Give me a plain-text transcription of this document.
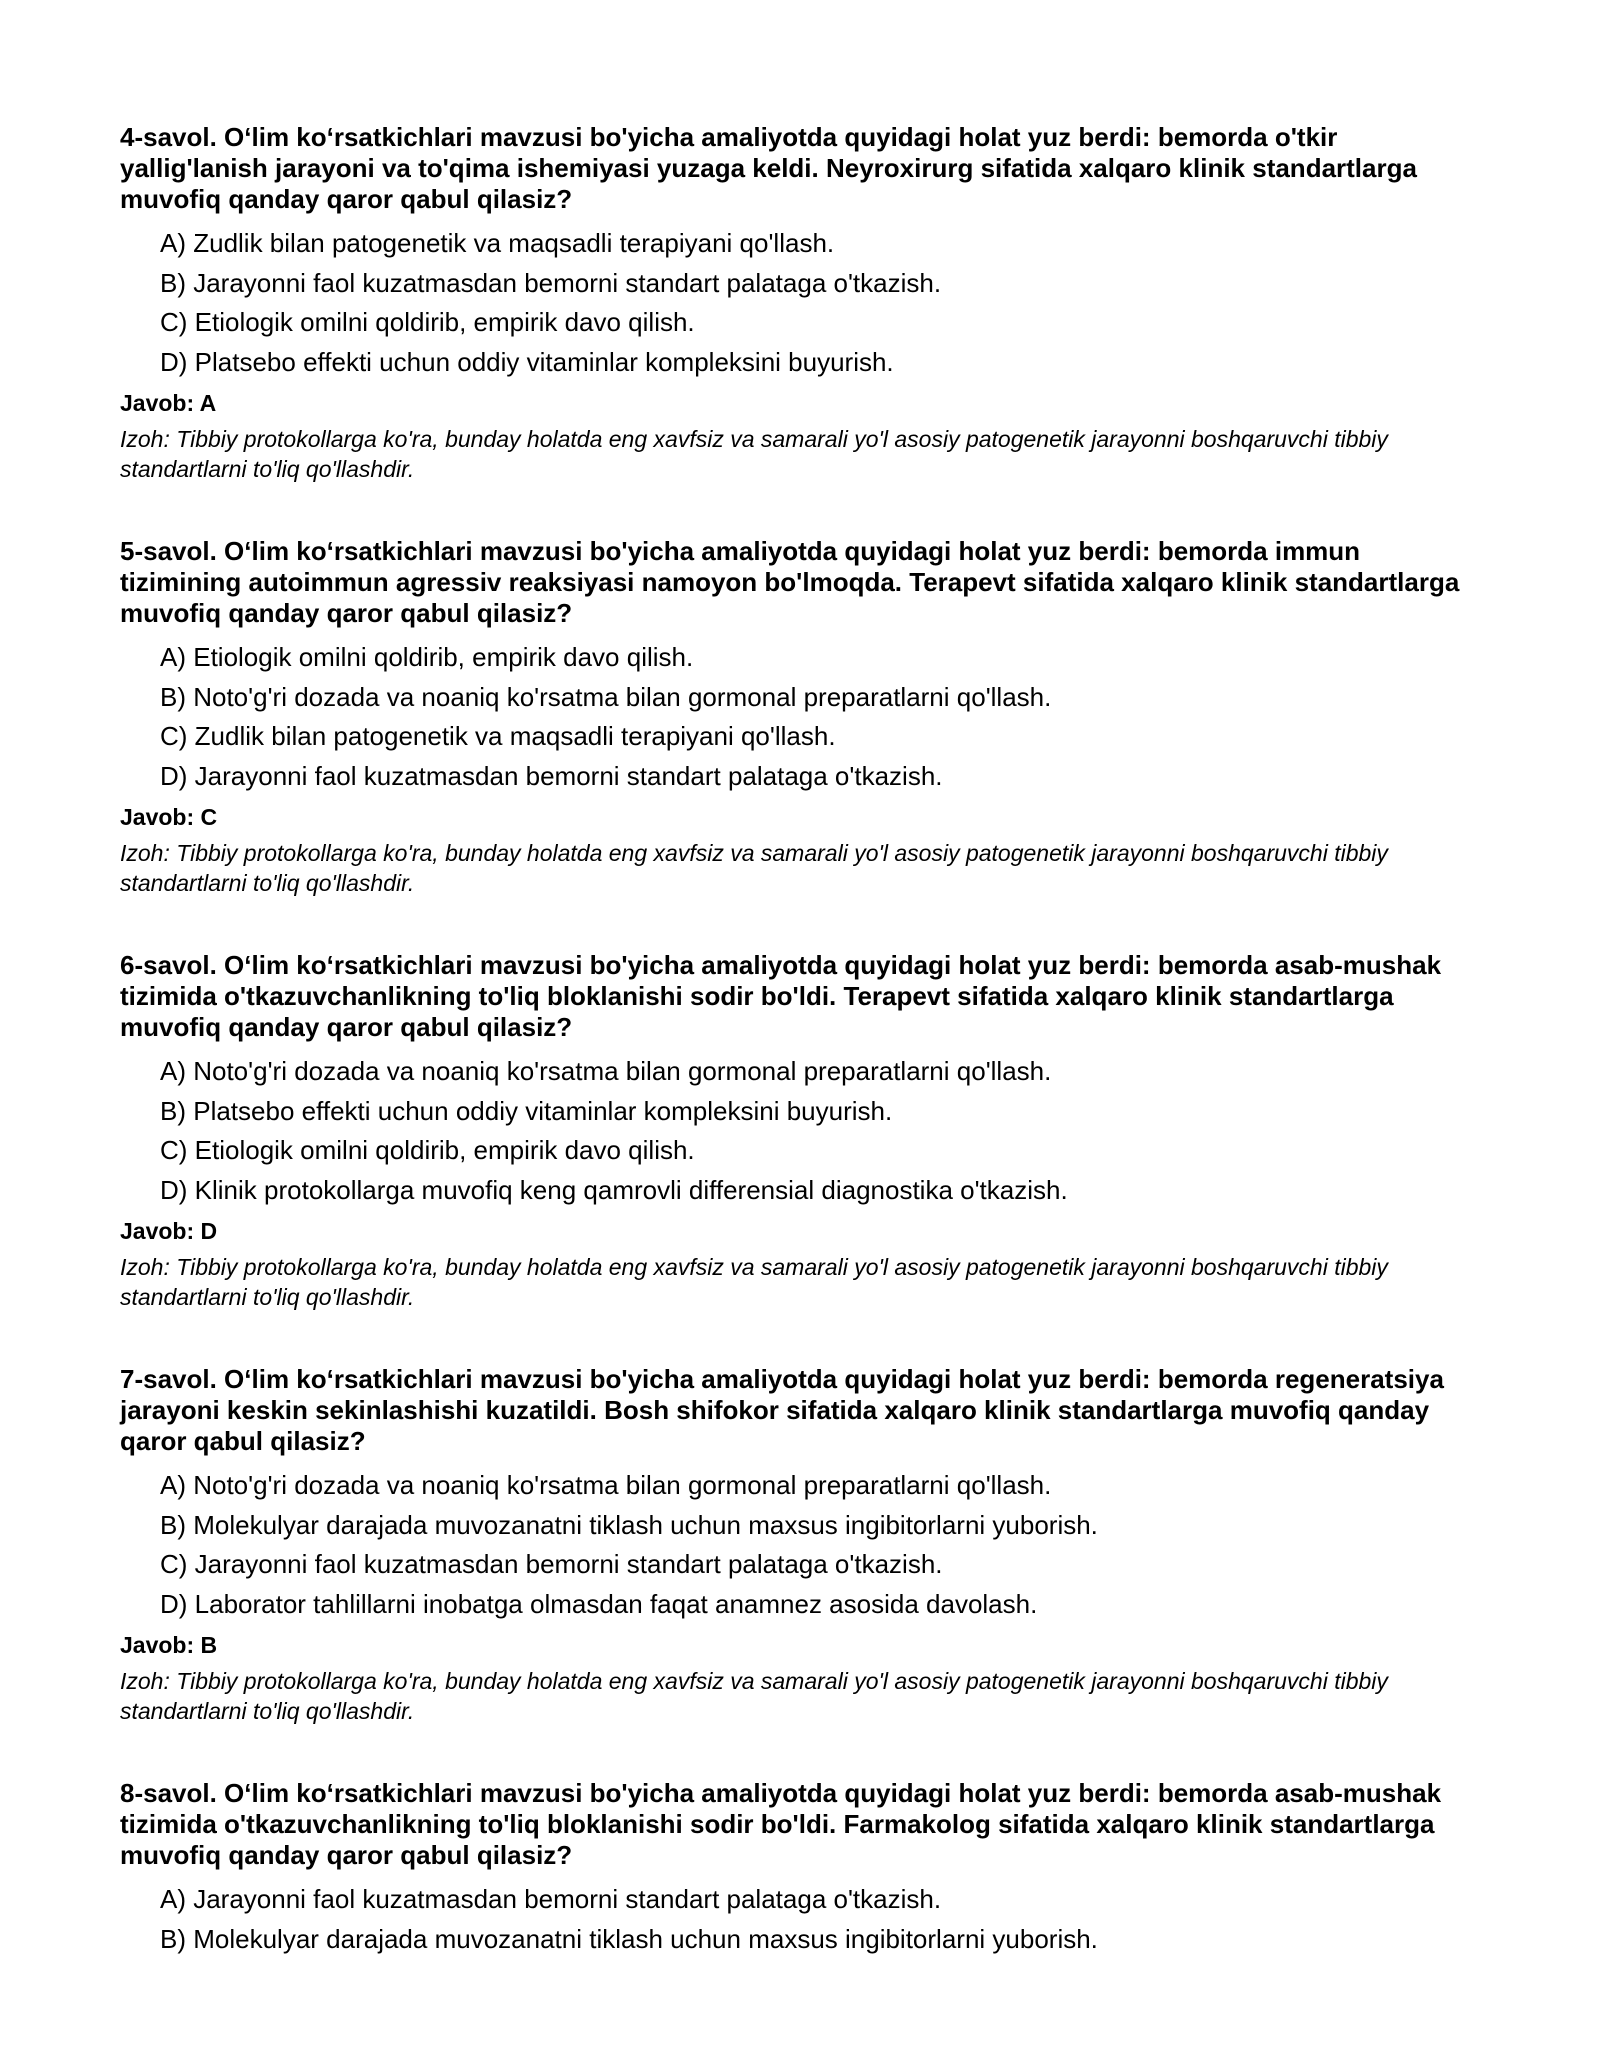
4-savol. O‘lim ko‘rsatkichlari mavzusi bo'yicha amaliyotda quyidagi holat yuz berdi: bemorda o'tkir yallig'lanish jarayoni va to'qima ishemiyasi yuzaga keldi. Neyroxirurg sifatida xalqaro klinik standartlarga muvofiq qanday qaror qabul qilasiz?

A) Zudlik bilan patogenetik va maqsadli terapiyani qo'llash.
B) Jarayonni faol kuzatmasdan bemorni standart palataga o'tkazish.
C) Etiologik omilni qoldirib, empirik davo qilish.
D) Platsebo effekti uchun oddiy vitaminlar kompleksini buyurish.

Javob: A

Izoh: Tibbiy protokollarga ko'ra, bunday holatda eng xavfsiz va samarali yo'l asosiy patogenetik jarayonni boshqaruvchi tibbiy standartlarni to'liq qo'llashdir.

5-savol. O‘lim ko‘rsatkichlari mavzusi bo'yicha amaliyotda quyidagi holat yuz berdi: bemorda immun tizimining autoimmun agressiv reaksiyasi namoyon bo'lmoqda. Terapevt sifatida xalqaro klinik standartlarga muvofiq qanday qaror qabul qilasiz?

A) Etiologik omilni qoldirib, empirik davo qilish.
B) Noto'g'ri dozada va noaniq ko'rsatma bilan gormonal preparatlarni qo'llash.
C) Zudlik bilan patogenetik va maqsadli terapiyani qo'llash.
D) Jarayonni faol kuzatmasdan bemorni standart palataga o'tkazish.

Javob: C

Izoh: Tibbiy protokollarga ko'ra, bunday holatda eng xavfsiz va samarali yo'l asosiy patogenetik jarayonni boshqaruvchi tibbiy standartlarni to'liq qo'llashdir.

6-savol. O‘lim ko‘rsatkichlari mavzusi bo'yicha amaliyotda quyidagi holat yuz berdi: bemorda asab-mushak tizimida o'tkazuvchanlikning to'liq bloklanishi sodir bo'ldi. Terapevt sifatida xalqaro klinik standartlarga muvofiq qanday qaror qabul qilasiz?

A) Noto'g'ri dozada va noaniq ko'rsatma bilan gormonal preparatlarni qo'llash.
B) Platsebo effekti uchun oddiy vitaminlar kompleksini buyurish.
C) Etiologik omilni qoldirib, empirik davo qilish.
D) Klinik protokollarga muvofiq keng qamrovli differensial diagnostika o'tkazish.

Javob: D

Izoh: Tibbiy protokollarga ko'ra, bunday holatda eng xavfsiz va samarali yo'l asosiy patogenetik jarayonni boshqaruvchi tibbiy standartlarni to'liq qo'llashdir.

7-savol. O‘lim ko‘rsatkichlari mavzusi bo'yicha amaliyotda quyidagi holat yuz berdi: bemorda regeneratsiya jarayoni keskin sekinlashishi kuzatildi. Bosh shifokor sifatida xalqaro klinik standartlarga muvofiq qanday qaror qabul qilasiz?

A) Noto'g'ri dozada va noaniq ko'rsatma bilan gormonal preparatlarni qo'llash.
B) Molekulyar darajada muvozanatni tiklash uchun maxsus ingibitorlarni yuborish.
C) Jarayonni faol kuzatmasdan bemorni standart palataga o'tkazish.
D) Laborator tahlillarni inobatga olmasdan faqat anamnez asosida davolash.

Javob: B

Izoh: Tibbiy protokollarga ko'ra, bunday holatda eng xavfsiz va samarali yo'l asosiy patogenetik jarayonni boshqaruvchi tibbiy standartlarni to'liq qo'llashdir.

8-savol. O‘lim ko‘rsatkichlari mavzusi bo'yicha amaliyotda quyidagi holat yuz berdi: bemorda asab-mushak tizimida o'tkazuvchanlikning to'liq bloklanishi sodir bo'ldi. Farmakolog sifatida xalqaro klinik standartlarga muvofiq qanday qaror qabul qilasiz?

A) Jarayonni faol kuzatmasdan bemorni standart palataga o'tkazish.
B) Molekulyar darajada muvozanatni tiklash uchun maxsus ingibitorlarni yuborish.
